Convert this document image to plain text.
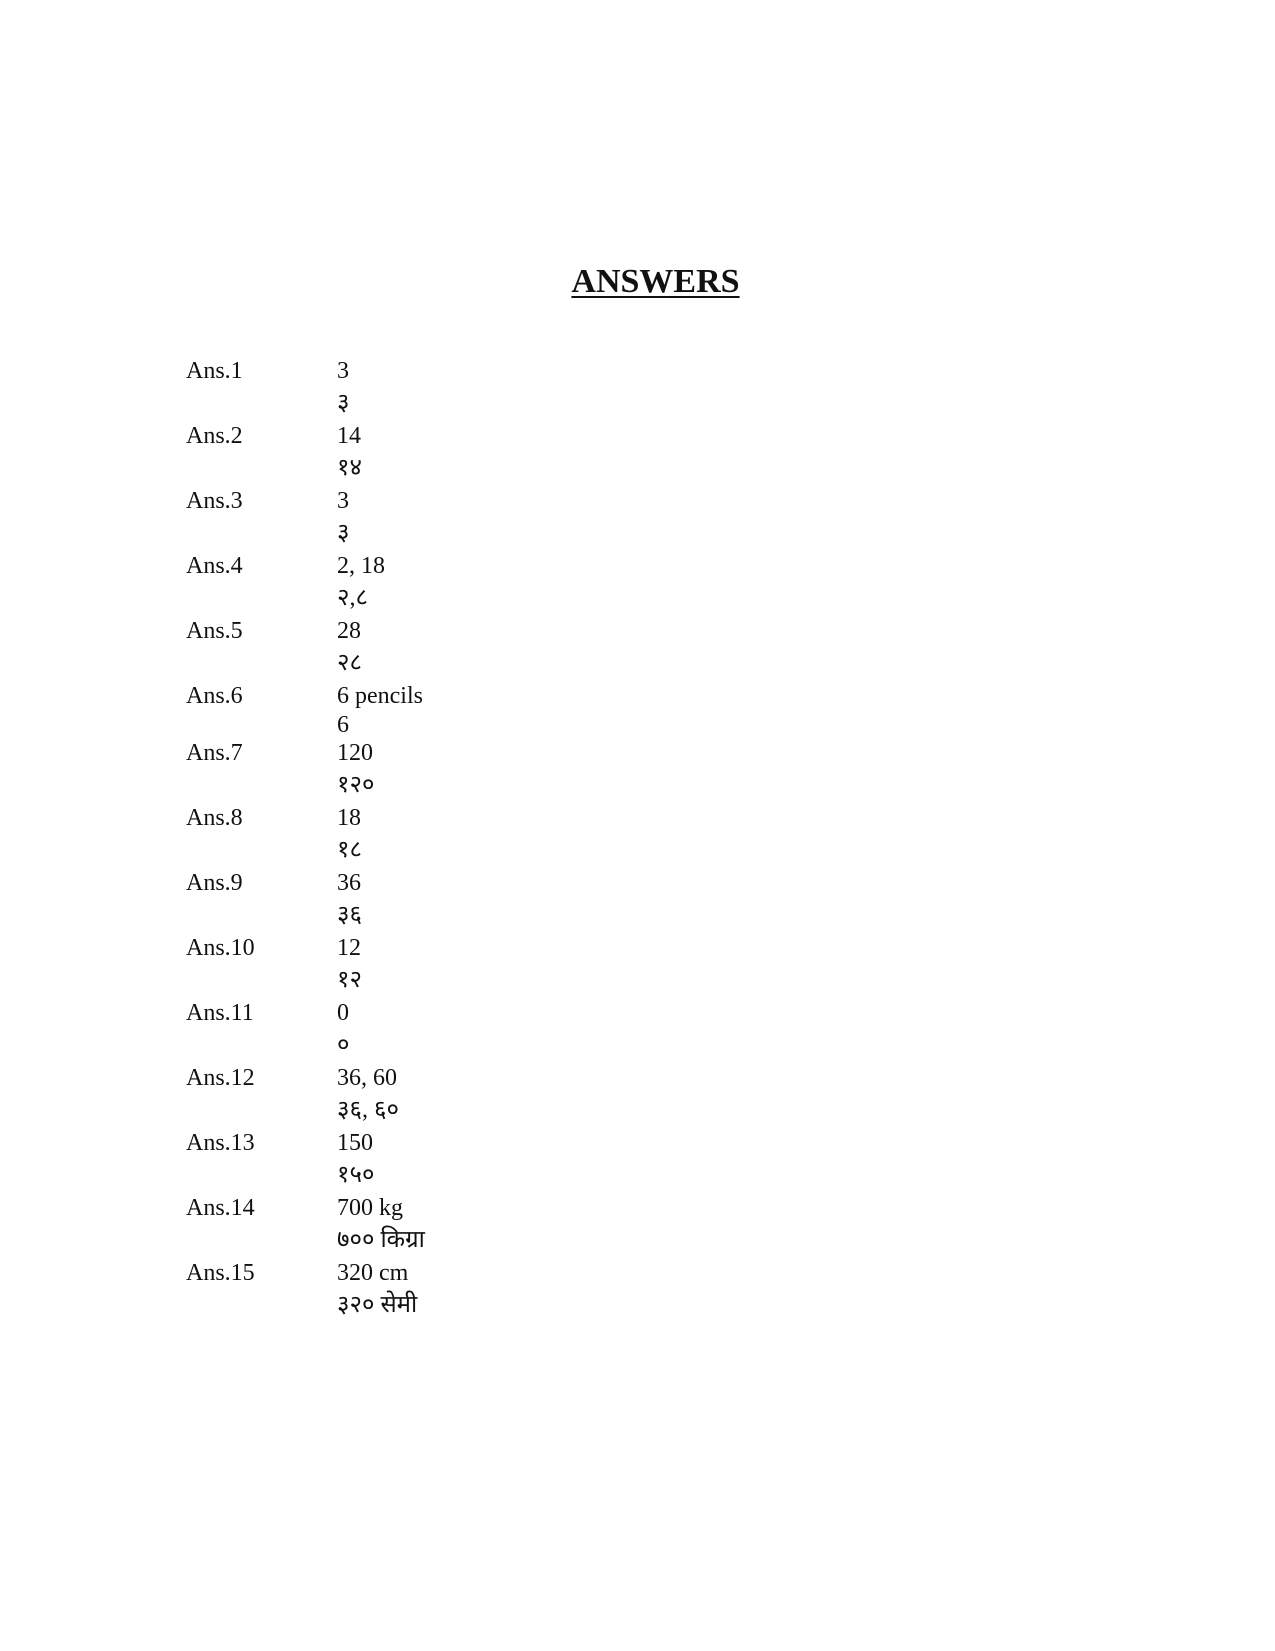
ANSWERS
Ans.1	3
३
Ans.2	14
१४
Ans.3	3
३
Ans.4	2, 18
२,८
Ans.5	28
२८
Ans.6	6 pencils
6
Ans.7	120
१२०
Ans.8	18
१८
Ans.9	36
३६
Ans.10	12
१२
Ans.11	0
०
Ans.12	36, 60
३६, ६०
Ans.13	150
१५०
Ans.14	700 kg
७०० किग्रा
Ans.15	320 cm
३२० सेमी
